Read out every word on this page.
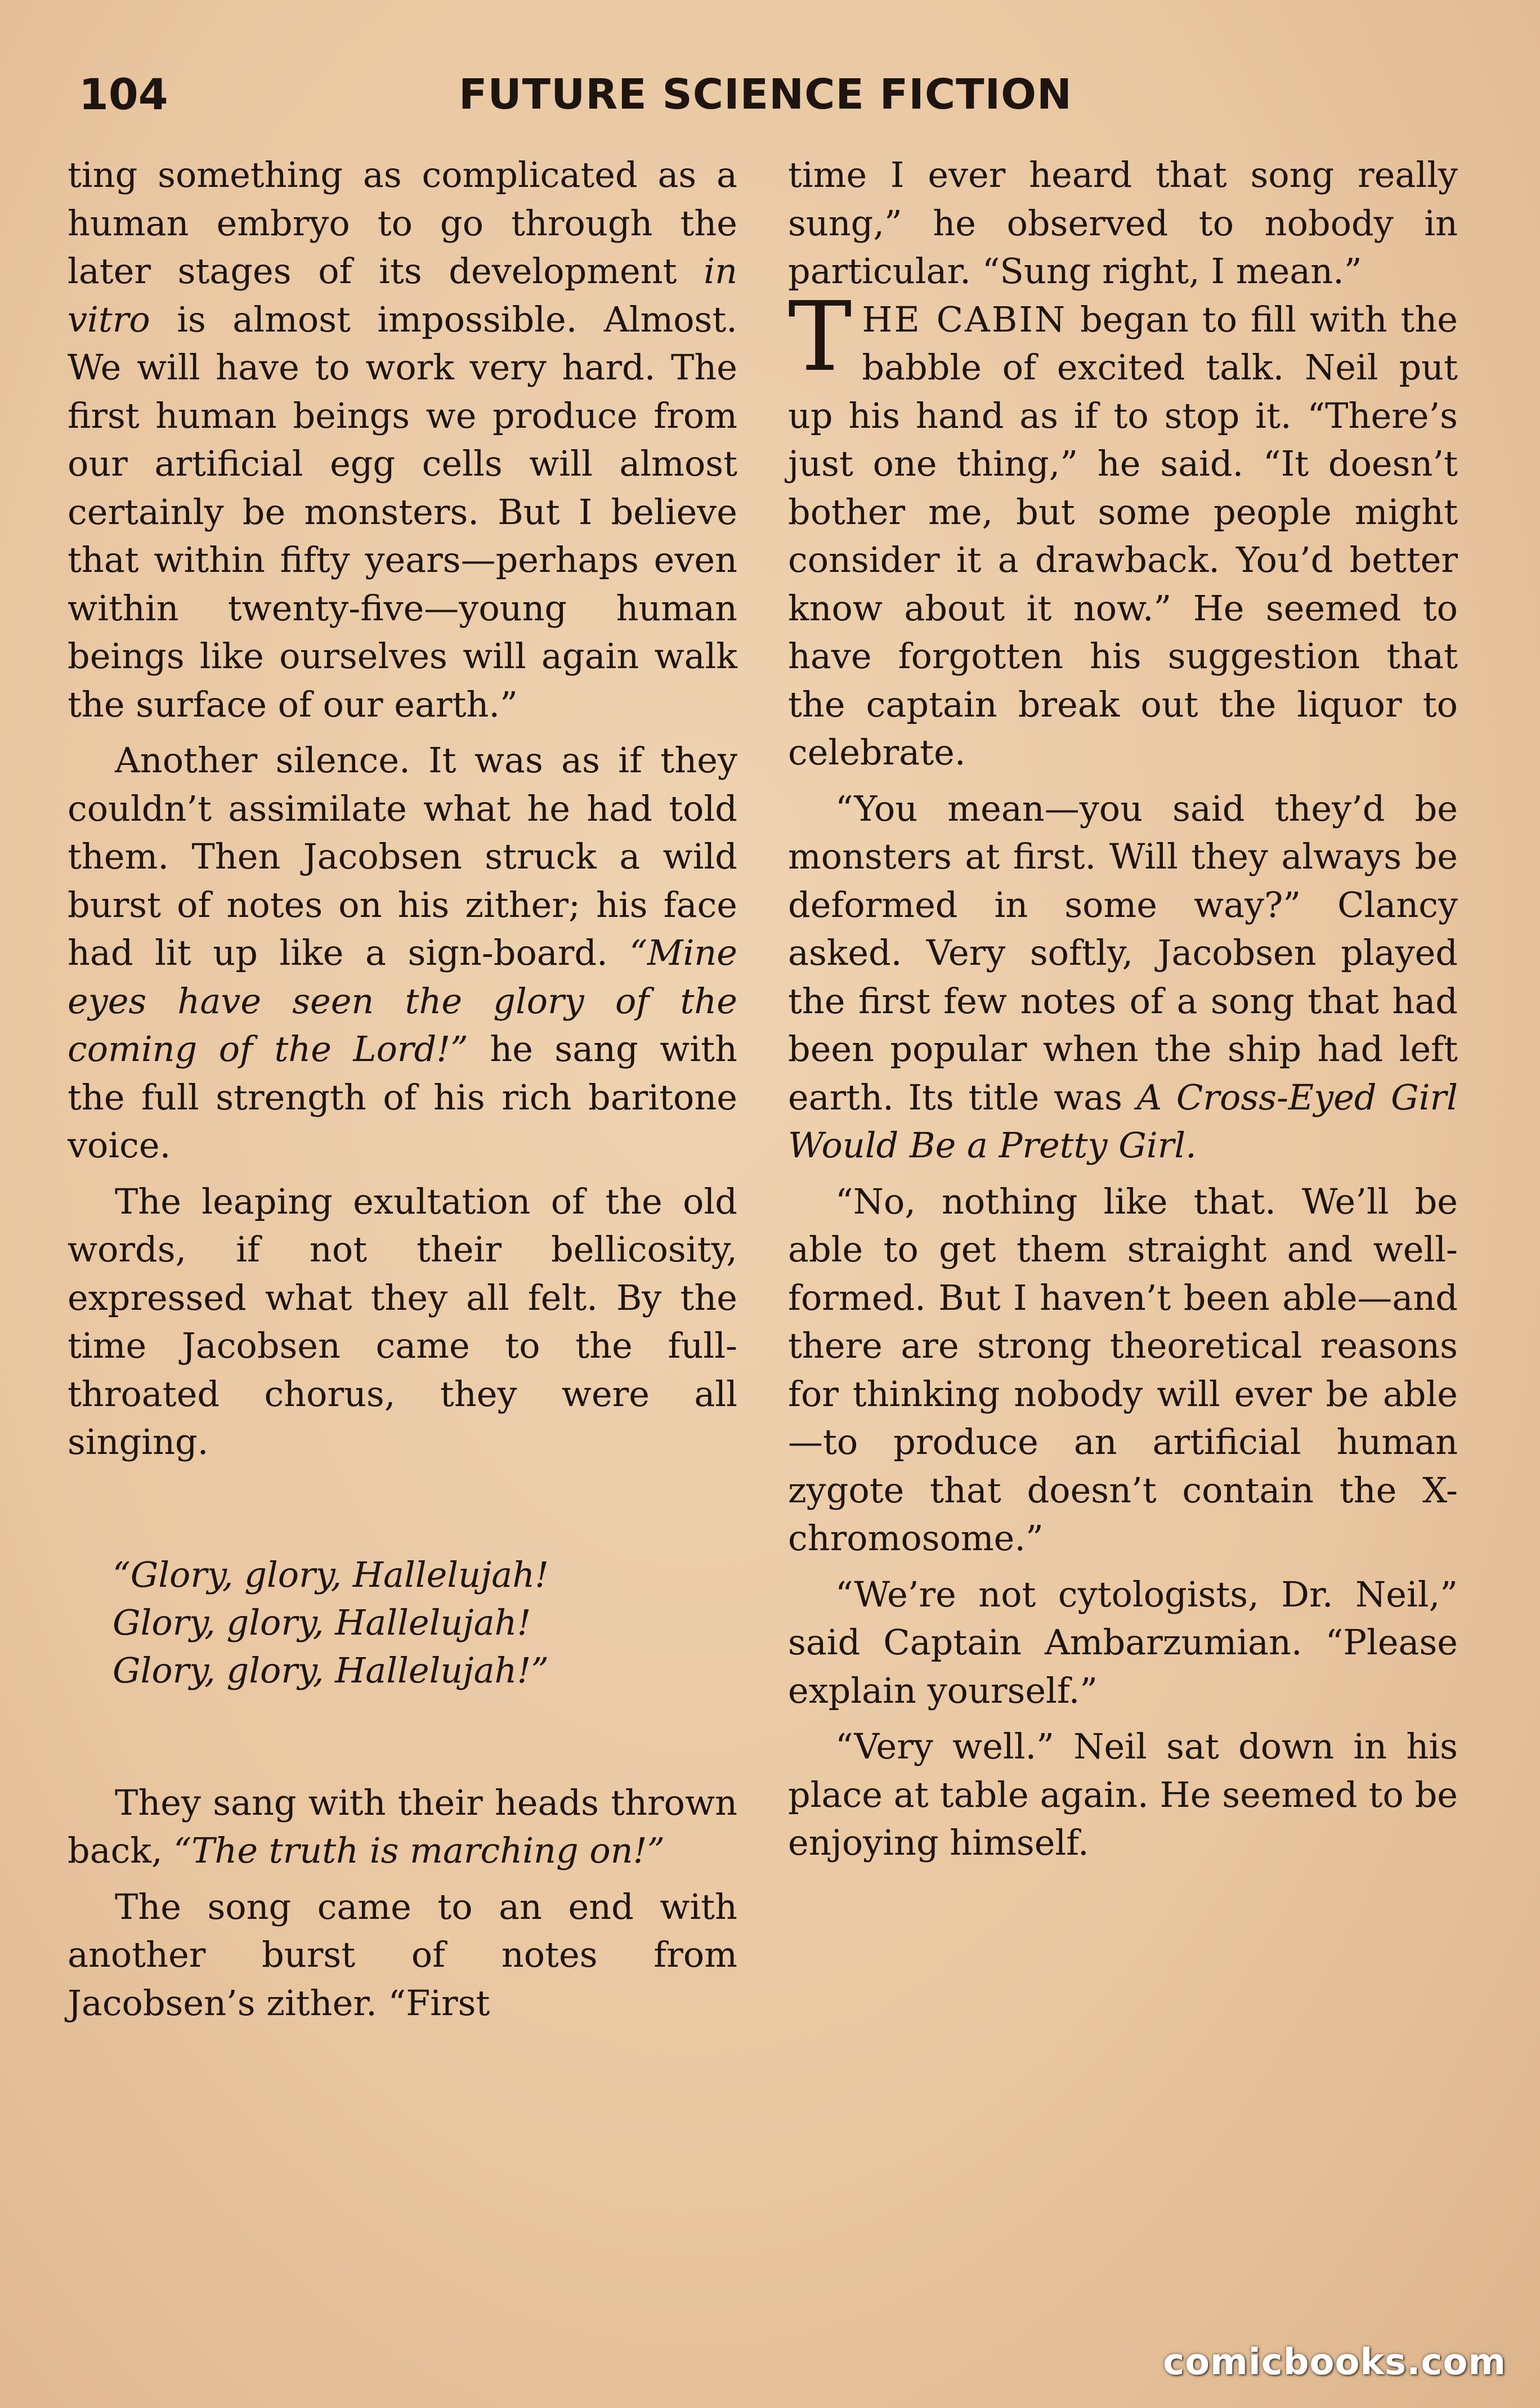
104	FUTURE SCIENCE FICTION

ting something as complicated as a human embryo to go through the later stages of its development in vitro is almost impossible. Almost. We will have to work very hard. The first human beings we produce from our artificial egg cells will almost certainly be monsters. But I believe that within fifty years—perhaps even within twenty-five—young human beings like ourselves will again walk the surface of our earth.”

Another silence. It was as if they couldn’t assimilate what he had told them. Then Jacobsen struck a wild burst of notes on his zither; his face had lit up like a sign-board. “Mine eyes have seen the glory of the coming of the Lord!” he sang with the full strength of his rich baritone voice.

The leaping exultation of the old words, if not their bellicosity, expressed what they all felt. By the time Jacobsen came to the full-throated chorus, they were all singing.

“Glory, glory, Hallelujah!
Glory, glory, Hallelujah!
Glory, glory, Hallelujah!”

They sang with their heads thrown back, “The truth is marching on!”

The song came to an end with another burst of notes from Jacobsen’s zither. “First

time I ever heard that song really sung,” he observed to nobody in particular. “Sung right, I mean.”

THE CABIN began to fill with the babble of excited talk. Neil put up his hand as if to stop it. “There’s just one thing,” he said. “It doesn’t bother me, but some people might consider it a drawback. You’d better know about it now.” He seemed to have forgotten his suggestion that the captain break out the liquor to celebrate.

“You mean—you said they’d be monsters at first. Will they always be deformed in some way?” Clancy asked. Very softly, Jacobsen played the first few notes of a song that had been popular when the ship had left earth. Its title was A Cross-Eyed Girl Would Be a Pretty Girl.

“No, nothing like that. We’ll be able to get them straight and well-formed. But I haven’t been able—and there are strong theoretical reasons for thinking nobody will ever be able—to produce an artificial human zygote that doesn’t contain the X-chromosome.”

“We’re not cytologists, Dr. Neil,” said Captain Ambarzumian. “Please explain yourself.”

“Very well.” Neil sat down in his place at table again. He seemed to be enjoying himself.

comicbooks.com
